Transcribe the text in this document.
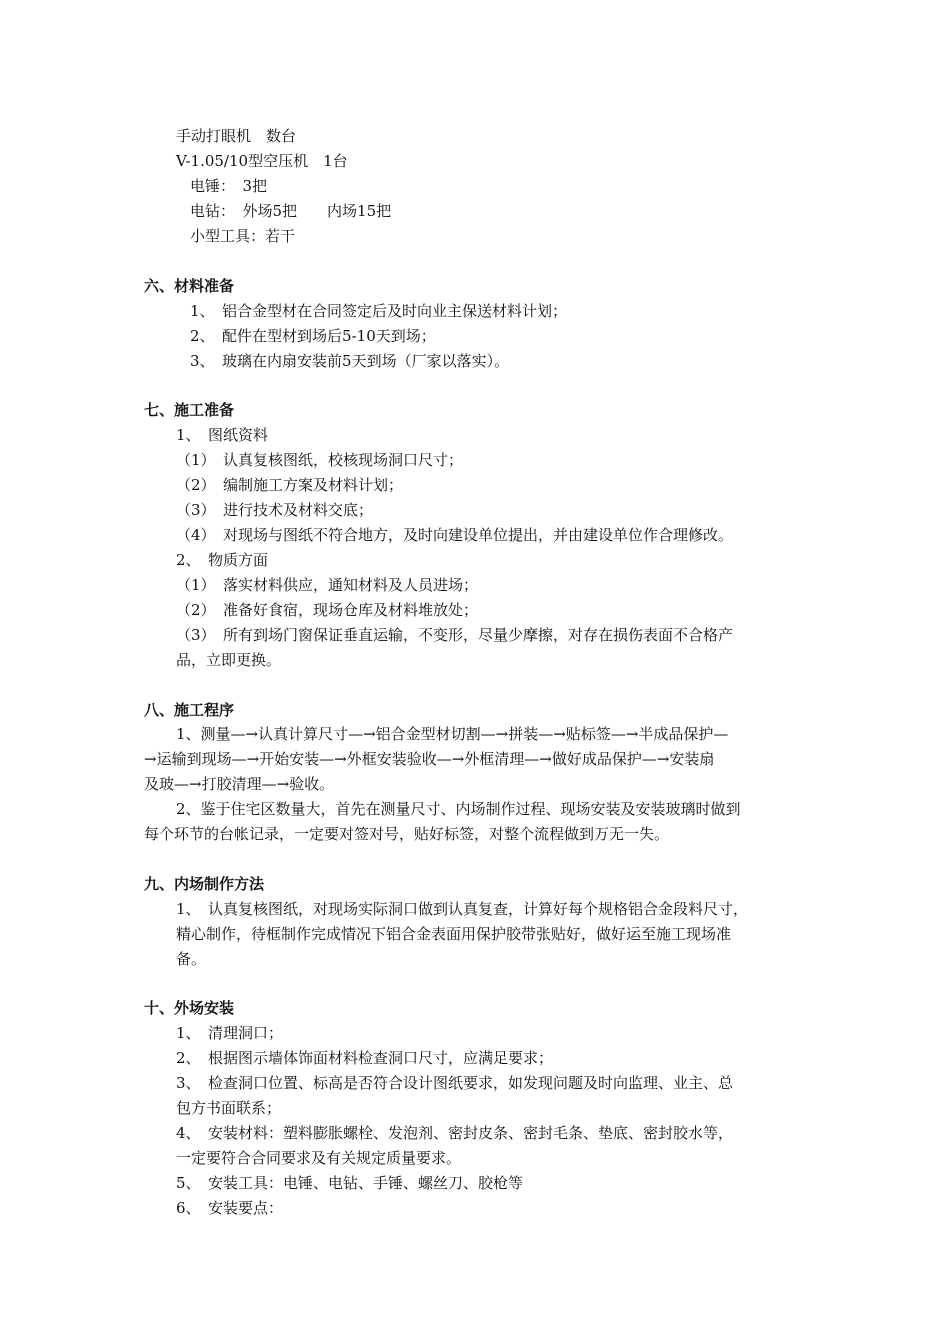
手动打眼机　数台
V-1.05/10型空压机　1台
电锤：　3把
电钻：　外场5把　　内场15把
小型工具：若干
六、材料准备
1、　铝合金型材在合同签定后及时向业主保送材料计划；
2、　配件在型材到场后5-10天到场；
3、　玻璃在内扇安装前5天到场（厂家以落实）。
七、施工准备
1、　图纸资料
（1）　认真复核图纸，校核现场洞口尺寸；
（2）　编制施工方案及材料计划；
（3）　进行技术及材料交底；
（4）　对现场与图纸不符合地方，及时向建设单位提出，并由建设单位作合理修改。
2、　物质方面
（1）　落实材料供应，通知材料及人员进场；
（2）　准备好食宿，现场仓库及材料堆放处；
（3）　所有到场门窗保证垂直运输，不变形，尽量少摩擦，对存在损伤表面不合格产
品，立即更换。
八、施工程序
1、测量—→认真计算尺寸—→铝合金型材切割—→拼装—→贴标签—→半成品保护—
→运输到现场—→开始安装—→外框安装验收—→外框清理—→做好成品保护—→安装扇
及玻—→打胶清理—→验收。
2、鉴于住宅区数量大，首先在测量尺寸、内场制作过程、现场安装及安装玻璃时做到
每个环节的台帐记录，一定要对签对号，贴好标签，对整个流程做到万无一失。
九、内场制作方法
1、　认真复核图纸，对现场实际洞口做到认真复查，计算好每个规格铝合金段料尺寸，
精心制作，待框制作完成情况下铝合金表面用保护胶带张贴好，做好运至施工现场准
备。
十、外场安装
1、　清理洞口；
2、　根据图示墙体饰面材料检查洞口尺寸，应满足要求；
3、　检查洞口位置、标高是否符合设计图纸要求，如发现问题及时向监理、业主、总
包方书面联系；
4、　安装材料：塑料膨胀螺栓、发泡剂、密封皮条、密封毛条、垫底、密封胶水等，
一定要符合合同要求及有关规定质量要求。
5、　安装工具：电锤、电钻、手锤、螺丝刀、胶枪等
6、　安装要点：
